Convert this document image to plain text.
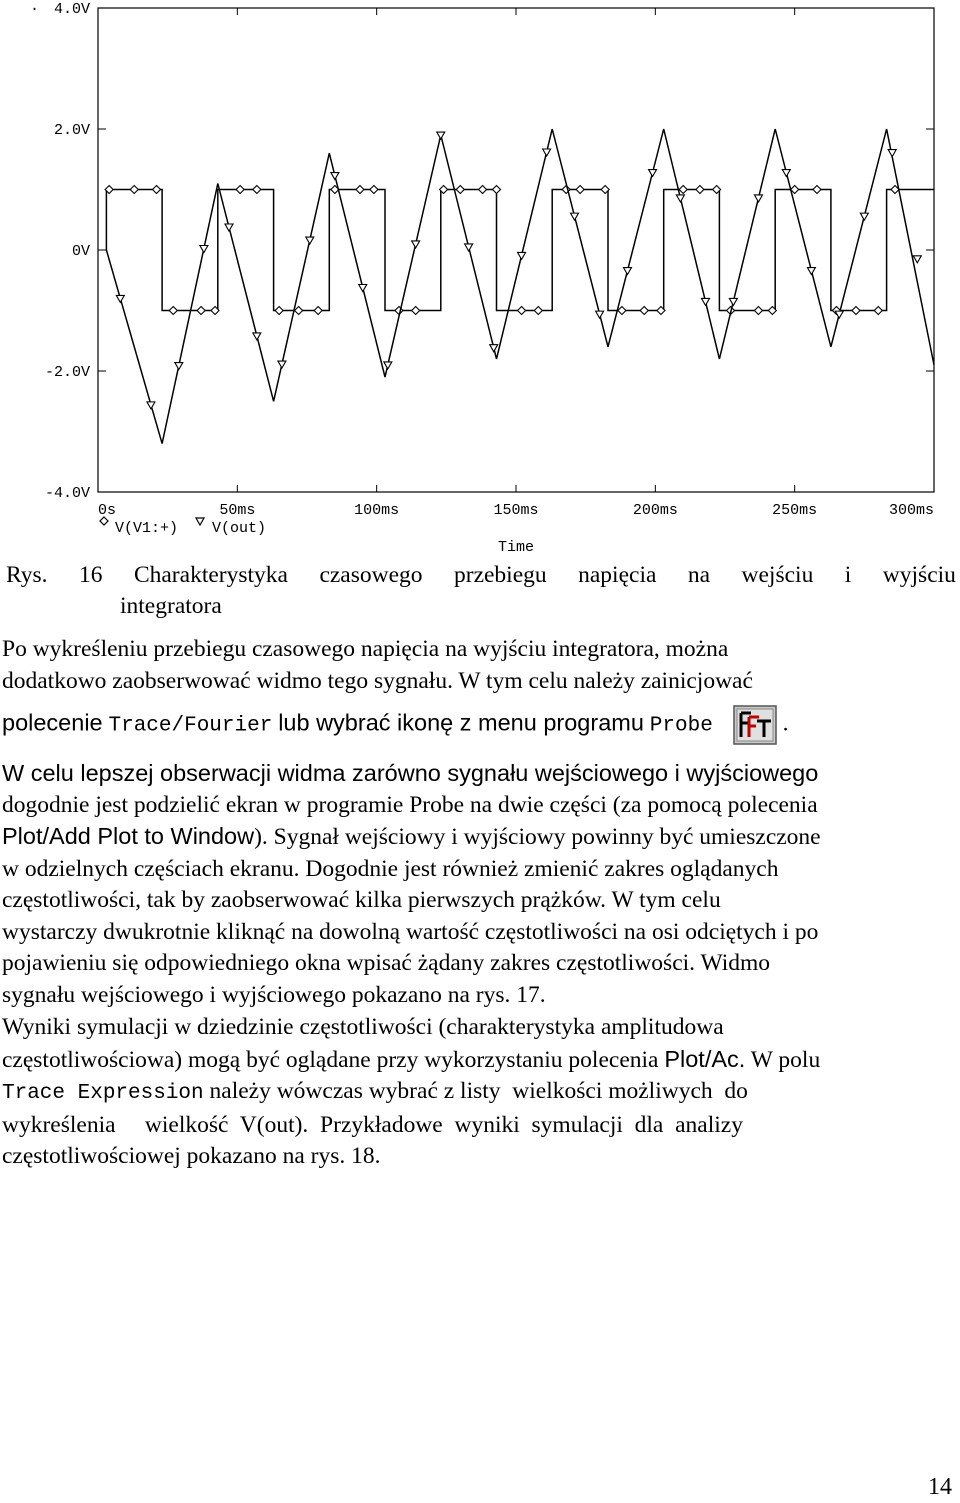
4.0V
2.0V
0V
-2.0V
-4.0V
·
0s	50ms	100ms	150ms	200ms	250ms	300ms
V(V1:+) V(out)
Time
Rys. 16 Charakterystyka czasowego przebiegu napięcia na wejściu i wyjściu
integratora
Po wykreśleniu przebiegu czasowego napięcia na wyjściu integratora, można
dodatkowo zaobserwować widmo tego sygnału. W tym celu należy zainicjować
polecenie Trace/Fourier lub wybrać ikonę z menu programu Probe	.
W celu lepszej obserwacji widma zarówno sygnału wejściowego i wyjściowego
dogodnie jest podzielić ekran w programie Probe na dwie części (za pomocą polecenia
Plot/Add Plot to Window). Sygnał wejściowy i wyjściowy powinny być umieszczone
w odzielnych częściach ekranu. Dogodnie jest również zmienić zakres oglądanych
częstotliwości, tak by zaobserwować kilka pierwszych prążków. W tym celu
wystarczy dwukrotnie kliknąć na dowolną wartość częstotliwości na osi odciętych i po
pojawieniu się odpowiedniego okna wpisać żądany zakres częstotliwości. Widmo
sygnału wejściowego i wyjściowego pokazano na rys. 17.
Wyniki symulacji w dziedzinie częstotliwości (charakterystyka amplitudowa
częstotliwościowa) mogą być oglądane przy wykorzystaniu polecenia Plot/Ac. W polu
Trace Expression należy wówczas wybrać z listy  wielkości możliwych  do
wykreślenia     wielkość  V(out).  Przykładowe  wyniki  symulacji  dla  analizy
częstotliwościowej pokazano na rys. 18.
14
